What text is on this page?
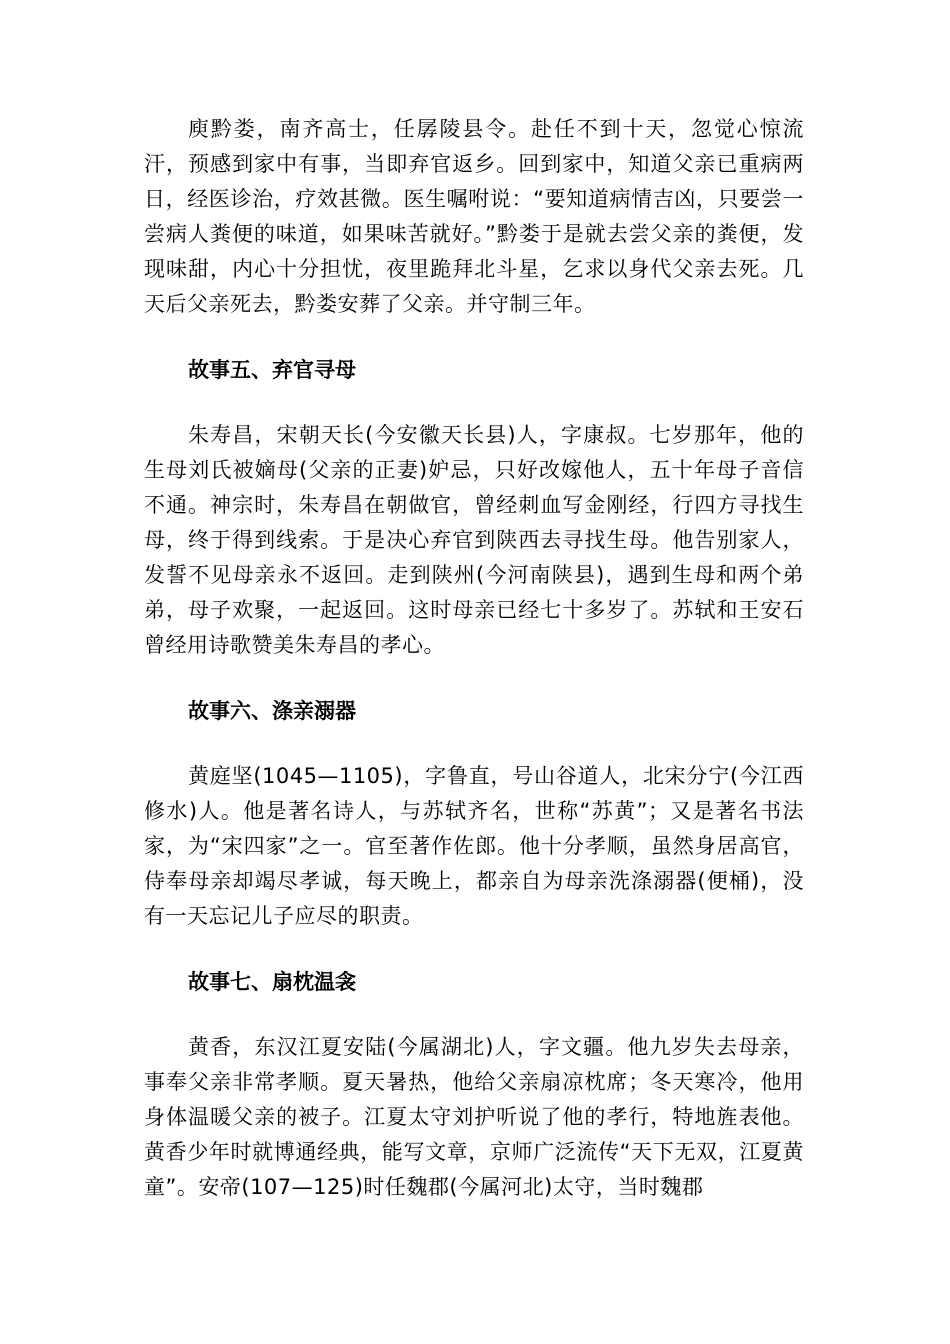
庾黔娄，南齐高士，任孱陵县令。赴任不到十天，忽觉心惊流汗，预感到家中有事，当即弃官返乡。回到家中，知道父亲已重病两日，经医诊治，疗效甚微。医生嘱咐说：“要知道病情吉凶，只要尝一尝病人粪便的味道，如果味苦就好。”黔娄于是就去尝父亲的粪便，发现味甜，内心十分担忧，夜里跪拜北斗星，乞求以身代父亲去死。几天后父亲死去，黔娄安葬了父亲。并守制三年。

故事五、弃官寻母

朱寿昌，宋朝天长(今安徽天长县)人，字康叔。七岁那年，他的生母刘氏被嫡母(父亲的正妻)妒忌，只好改嫁他人，五十年母子音信不通。神宗时，朱寿昌在朝做官，曾经刺血写金刚经，行四方寻找生母，终于得到线索。于是决心弃官到陕西去寻找生母。他告别家人，发誓不见母亲永不返回。走到陕州(今河南陕县)，遇到生母和两个弟弟，母子欢聚，一起返回。这时母亲已经七十多岁了。苏轼和王安石曾经用诗歌赞美朱寿昌的孝心。

故事六、涤亲溺器

黄庭坚(1045—1105)，字鲁直，号山谷道人，北宋分宁(今江西修水)人。他是著名诗人，与苏轼齐名，世称“苏黄”；又是著名书法家，为“宋四家”之一。官至著作佐郎。他十分孝顺，虽然身居高官，侍奉母亲却竭尽孝诚，每天晚上，都亲自为母亲洗涤溺器(便桶)，没有一天忘记儿子应尽的职责。

故事七、扇枕温衾

黄香，东汉江夏安陆(今属湖北)人，字文疆。他九岁失去母亲，事奉父亲非常孝顺。夏天暑热，他给父亲扇凉枕席；冬天寒冷，他用身体温暖父亲的被子。江夏太守刘护听说了他的孝行，特地旌表他。黄香少年时就博通经典，能写文章，京师广泛流传“天下无双，江夏黄童”。安帝(107—125)时任魏郡(今属河北)太守，当时魏郡
